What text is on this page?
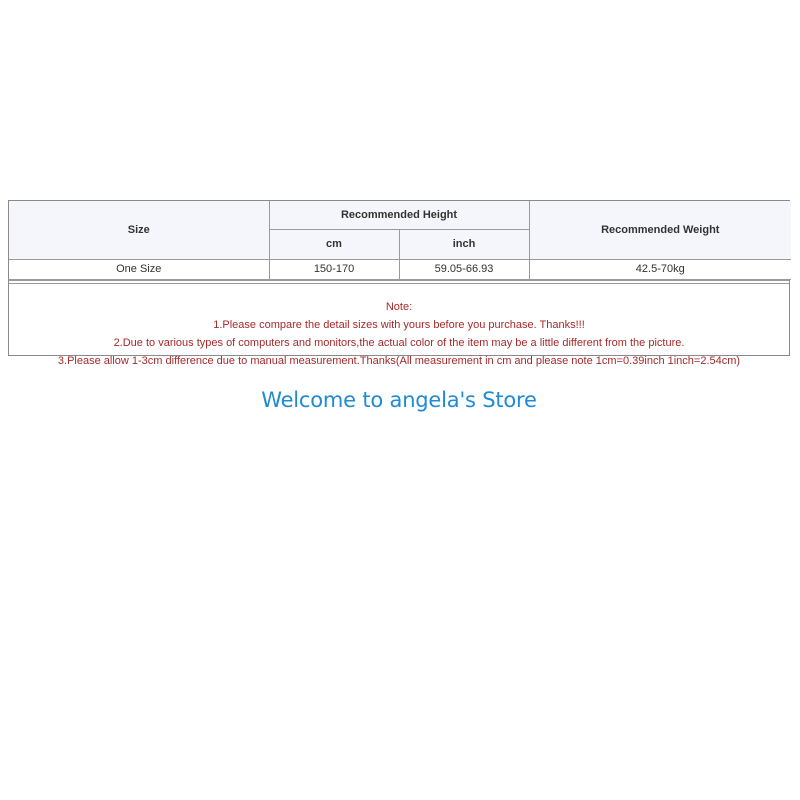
Size	Recommended Height		Recommended Weight
	cm	inch	
One Size	150-170	59.05-66.93	42.5-70kg
Note:
1.Please compare the detail sizes with yours before you purchase. Thanks!!!
2.Due to various types of computers and monitors,the actual color of the item may be a little different from the picture.
3.Please allow 1-3cm difference due to manual measurement.Thanks(All measurement in cm and please note 1cm=0.39inch 1inch=2.54cm)
Welcome to angela's Store
